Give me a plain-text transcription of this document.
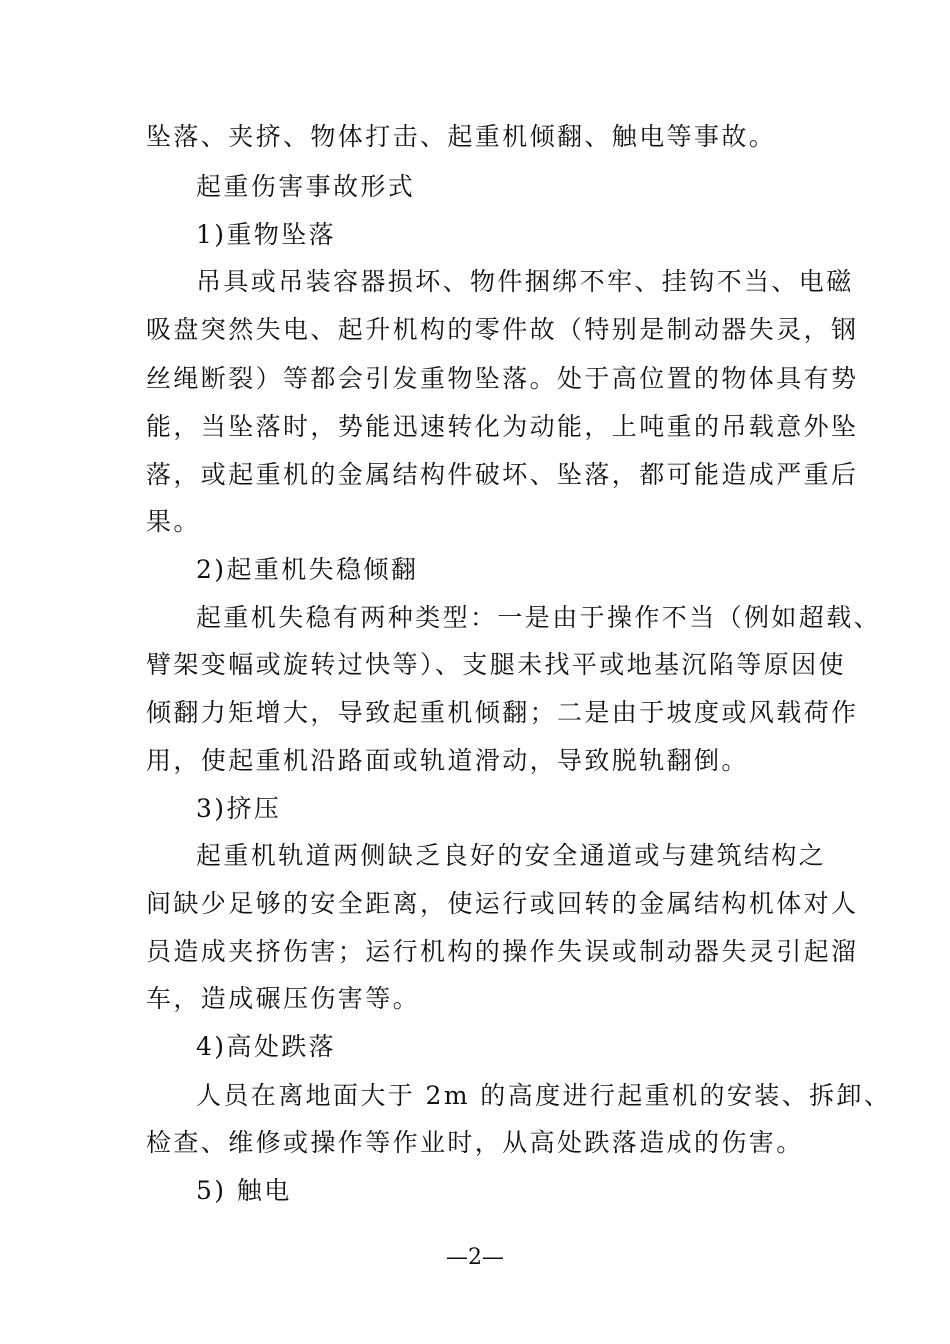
坠落、夹挤、物体打击、起重机倾翻、触电等事故。
起重伤害事故形式
1)重物坠落
吊具或吊装容器损坏、物件捆绑不牢、挂钩不当、电磁
吸盘突然失电、起升机构的零件故（特别是制动器失灵，钢
丝绳断裂）等都会引发重物坠落。处于高位置的物体具有势
能，当坠落时，势能迅速转化为动能，上吨重的吊载意外坠
落，或起重机的金属结构件破坏、坠落，都可能造成严重后
果。
2)起重机失稳倾翻
起重机失稳有两种类型：一是由于操作不当（例如超载、
臂架变幅或旋转过快等）、支腿未找平或地基沉陷等原因使
倾翻力矩增大，导致起重机倾翻；二是由于坡度或风载荷作
用，使起重机沿路面或轨道滑动，导致脱轨翻倒。
3)挤压
起重机轨道两侧缺乏良好的安全通道或与建筑结构之
间缺少足够的安全距离，使运行或回转的金属结构机体对人
员造成夹挤伤害；运行机构的操作失误或制动器失灵引起溜
车，造成碾压伤害等。
4)高处跌落
人员在离地面大于 2m 的高度进行起重机的安装、拆卸、
检查、维修或操作等作业时，从高处跌落造成的伤害。
5) 触电
—2—
